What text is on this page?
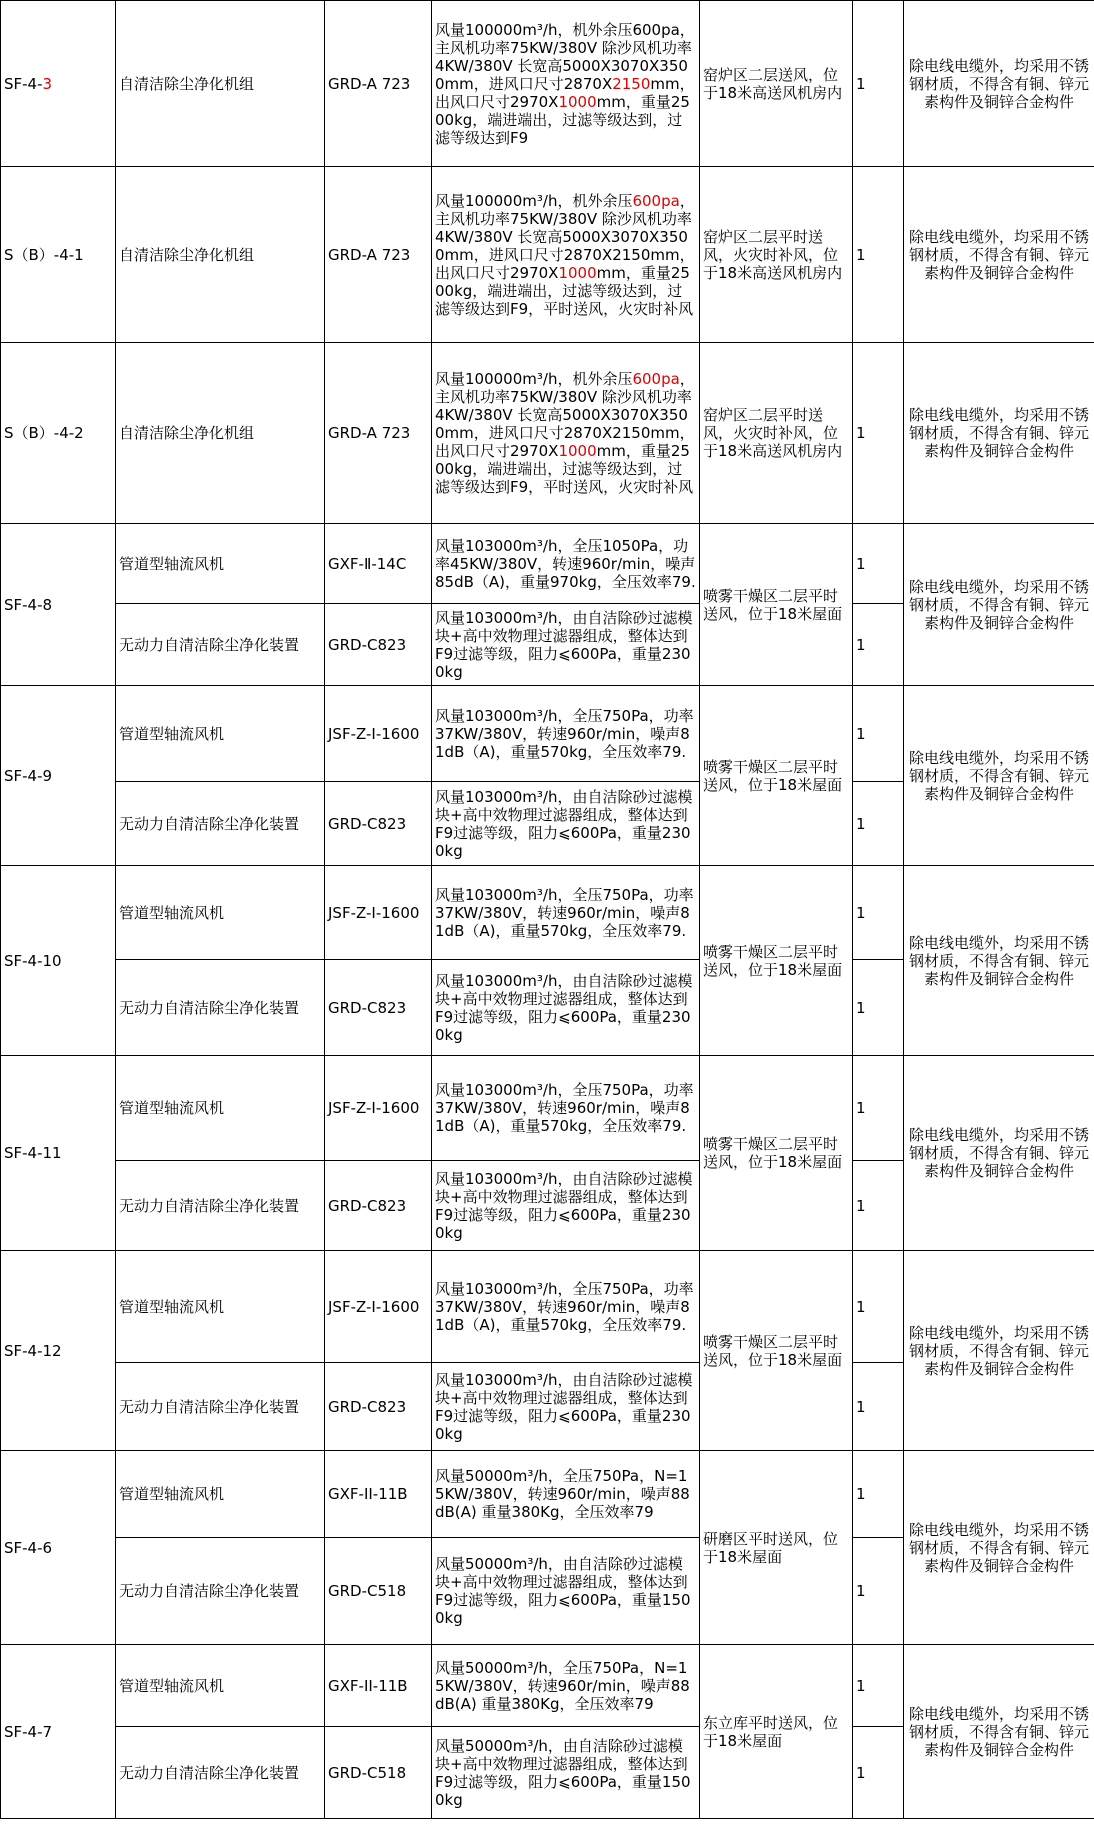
SF-4-3	自清洁除尘净化机组	GRD-A 723	风量100000m³/h，机外余压600pa，主风机功率75KW/380V 除沙风机功率4KW/380V 长宽高5000X3070X3500mm，进风口尺寸2870X2150mm，出风口尺寸2970X1000mm，重量2500kg，端进端出，过滤等级达到，过滤等级达到F9	窑炉区二层送风，位于18米高送风机房内	1	除电线电缆外，均采用不锈钢材质，不得含有铜、锌元素构件及铜锌合金构件

S（B）-4-1	自清洁除尘净化机组	GRD-A 723	风量100000m³/h，机外余压600pa，主风机功率75KW/380V 除沙风机功率4KW/380V 长宽高5000X3070X3500mm，进风口尺寸2870X2150mm，出风口尺寸2970X1000mm，重量2500kg，端进端出，过滤等级达到，过滤等级达到F9，平时送风，火灾时补风	窑炉区二层平时送风，火灾时补风，位于18米高送风机房内	1	除电线电缆外，均采用不锈钢材质，不得含有铜、锌元素构件及铜锌合金构件

S（B）-4-2	自清洁除尘净化机组	GRD-A 723	风量100000m³/h，机外余压600pa，主风机功率75KW/380V 除沙风机功率4KW/380V 长宽高5000X3070X3500mm，进风口尺寸2870X2150mm，出风口尺寸2970X1000mm，重量2500kg，端进端出，过滤等级达到，过滤等级达到F9，平时送风，火灾时补风	窑炉区二层平时送风，火灾时补风，位于18米高送风机房内	1	除电线电缆外，均采用不锈钢材质，不得含有铜、锌元素构件及铜锌合金构件

SF-4-8	管道型轴流风机	GXF-Ⅱ-14C	风量103000m³/h，全压1050Pa，功率45KW/380V，转速960r/min，噪声85dB（A)，重量970kg，全压效率79.	喷雾干燥区二层平时送风，位于18米屋面	1	除电线电缆外，均采用不锈钢材质，不得含有铜、锌元素构件及铜锌合金构件

	无动力自清洁除尘净化装置	GRD-C823	风量103000m³/h，由自洁除砂过滤模块+高中效物理过滤器组成，整体达到F9过滤等级，阻力⩽600Pa，重量2300kg		1	
SF-4-9	管道型轴流风机	JSF-Z-I-1600	风量103000m³/h，全压750Pa，功率37KW/380V，转速960r/min，噪声81dB（A)，重量570kg，全压效率79.	喷雾干燥区二层平时送风，位于18米屋面	1	除电线电缆外，均采用不锈钢材质，不得含有铜、锌元素构件及铜锌合金构件

	无动力自清洁除尘净化装置	GRD-C823	风量103000m³/h，由自洁除砂过滤模块+高中效物理过滤器组成，整体达到F9过滤等级，阻力⩽600Pa，重量2300kg		1	
SF-4-10	管道型轴流风机	JSF-Z-I-1600	风量103000m³/h，全压750Pa，功率37KW/380V，转速960r/min，噪声81dB（A)，重量570kg，全压效率79.	喷雾干燥区二层平时送风，位于18米屋面	1	除电线电缆外，均采用不锈钢材质，不得含有铜、锌元素构件及铜锌合金构件

	无动力自清洁除尘净化装置	GRD-C823	风量103000m³/h，由自洁除砂过滤模块+高中效物理过滤器组成，整体达到F9过滤等级，阻力⩽600Pa，重量2300kg		1	
SF-4-11	管道型轴流风机	JSF-Z-I-1600	风量103000m³/h，全压750Pa，功率37KW/380V，转速960r/min，噪声81dB（A)，重量570kg，全压效率79.	喷雾干燥区二层平时送风，位于18米屋面	1	除电线电缆外，均采用不锈钢材质，不得含有铜、锌元素构件及铜锌合金构件

	无动力自清洁除尘净化装置	GRD-C823	风量103000m³/h，由自洁除砂过滤模块+高中效物理过滤器组成，整体达到F9过滤等级，阻力⩽600Pa，重量2300kg		1	
SF-4-12	管道型轴流风机	JSF-Z-I-1600	风量103000m³/h，全压750Pa，功率37KW/380V，转速960r/min，噪声81dB（A)，重量570kg，全压效率79.	喷雾干燥区二层平时送风，位于18米屋面	1	除电线电缆外，均采用不锈钢材质，不得含有铜、锌元素构件及铜锌合金构件

	无动力自清洁除尘净化装置	GRD-C823	风量103000m³/h，由自洁除砂过滤模块+高中效物理过滤器组成，整体达到F9过滤等级，阻力⩽600Pa，重量2300kg		1	
SF-4-6	管道型轴流风机	GXF-II-11B	风量50000m³/h，全压750Pa，N=15KW/380V，转速960r/min，噪声88dB(A) 重量380Kg，全压效率79	研磨区平时送风，位于18米屋面	1	除电线电缆外，均采用不锈钢材质，不得含有铜、锌元素构件及铜锌合金构件

	无动力自清洁除尘净化装置	GRD-C518	风量50000m³/h，由自洁除砂过滤模块+高中效物理过滤器组成，整体达到F9过滤等级，阻力⩽600Pa，重量1500kg		1	
SF-4-7	管道型轴流风机	GXF-II-11B	风量50000m³/h，全压750Pa，N=15KW/380V，转速960r/min，噪声88dB(A) 重量380Kg，全压效率79	东立库平时送风，位于18米屋面	1	除电线电缆外，均采用不锈钢材质，不得含有铜、锌元素构件及铜锌合金构件

	无动力自清洁除尘净化装置	GRD-C518	风量50000m³/h，由自洁除砂过滤模块+高中效物理过滤器组成，整体达到F9过滤等级，阻力⩽600Pa，重量1500kg		1	
